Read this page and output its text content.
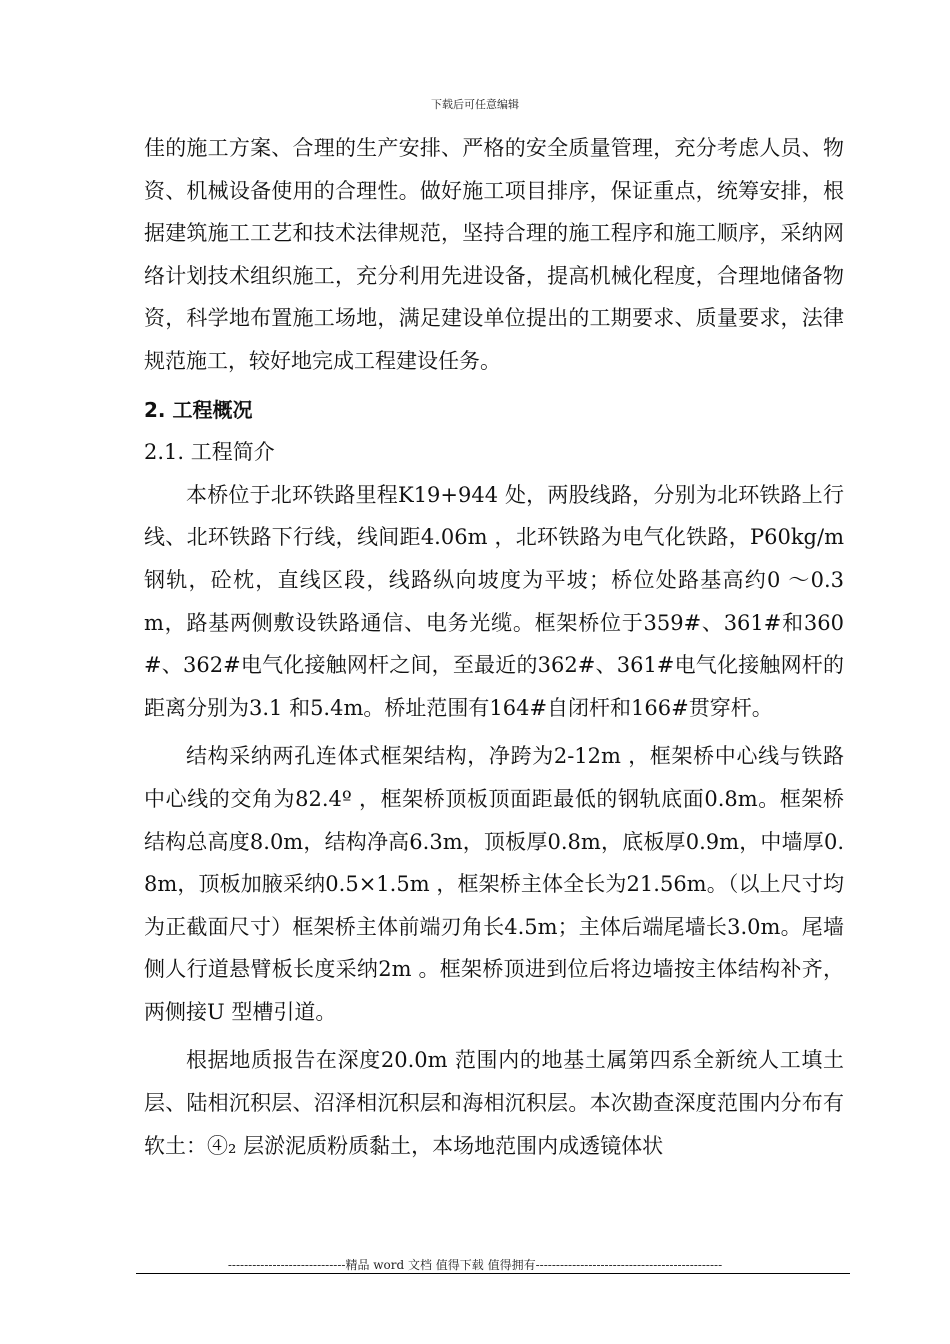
下载后可任意编辑

佳的施工方案、合理的生产安排、严格的安全质量管理，充分考虑人员、物资、机械设备使用的合理性。做好施工项目排序，保证重点，统筹安排，根据建筑施工工艺和技术法律规范，坚持合理的施工程序和施工顺序，采纳网络计划技术组织施工，充分利用先进设备，提高机械化程度，合理地储备物资，科学地布置施工场地，满足建设单位提出的工期要求、质量要求，法律规范施工，较好地完成工程建设任务。

2. 工程概况

2.1. 工程简介

本桥位于北环铁路里程K19+944 处，两股线路，分别为北环铁路上行线、北环铁路下行线，线间距4.06m ，北环铁路为电气化铁路，P60kg/m 钢轨，砼枕，直线区段，线路纵向坡度为平坡；桥位处路基高约0 ～0.3m，路基两侧敷设铁路通信、电务光缆。框架桥位于359#、361#和360#、362#电气化接触网杆之间，至最近的362#、361#电气化接触网杆的距离分别为3.1 和5.4m。桥址范围有164#自闭杆和166#贯穿杆。

结构采纳两孔连体式框架结构，净跨为2-12m ，框架桥中心线与铁路中心线的交角为82.4º ，框架桥顶板顶面距最低的钢轨底面0.8m。框架桥结构总高度8.0m，结构净高6.3m，顶板厚0.8m，底板厚0.9m，中墙厚0.8m，顶板加腋采纳0.5×1.5m ，框架桥主体全长为21.56m。（以上尺寸均为正截面尺寸）框架桥主体前端刃角长4.5m；主体后端尾墙长3.0m。尾墙侧人行道悬臂板长度采纳2m 。框架桥顶进到位后将边墙按主体结构补齐，两侧接U 型槽引道。

根据地质报告在深度20.0m 范围内的地基土属第四系全新统人工填土层、陆相沉积层、沼泽相沉积层和海相沉积层。本次勘查深度范围内分布有软土：④₂ 层淤泥质粉质黏土，本场地范围内成透镜体状

-----------------------------精品 word 文档 值得下载 值得拥有----------------------------------------------
